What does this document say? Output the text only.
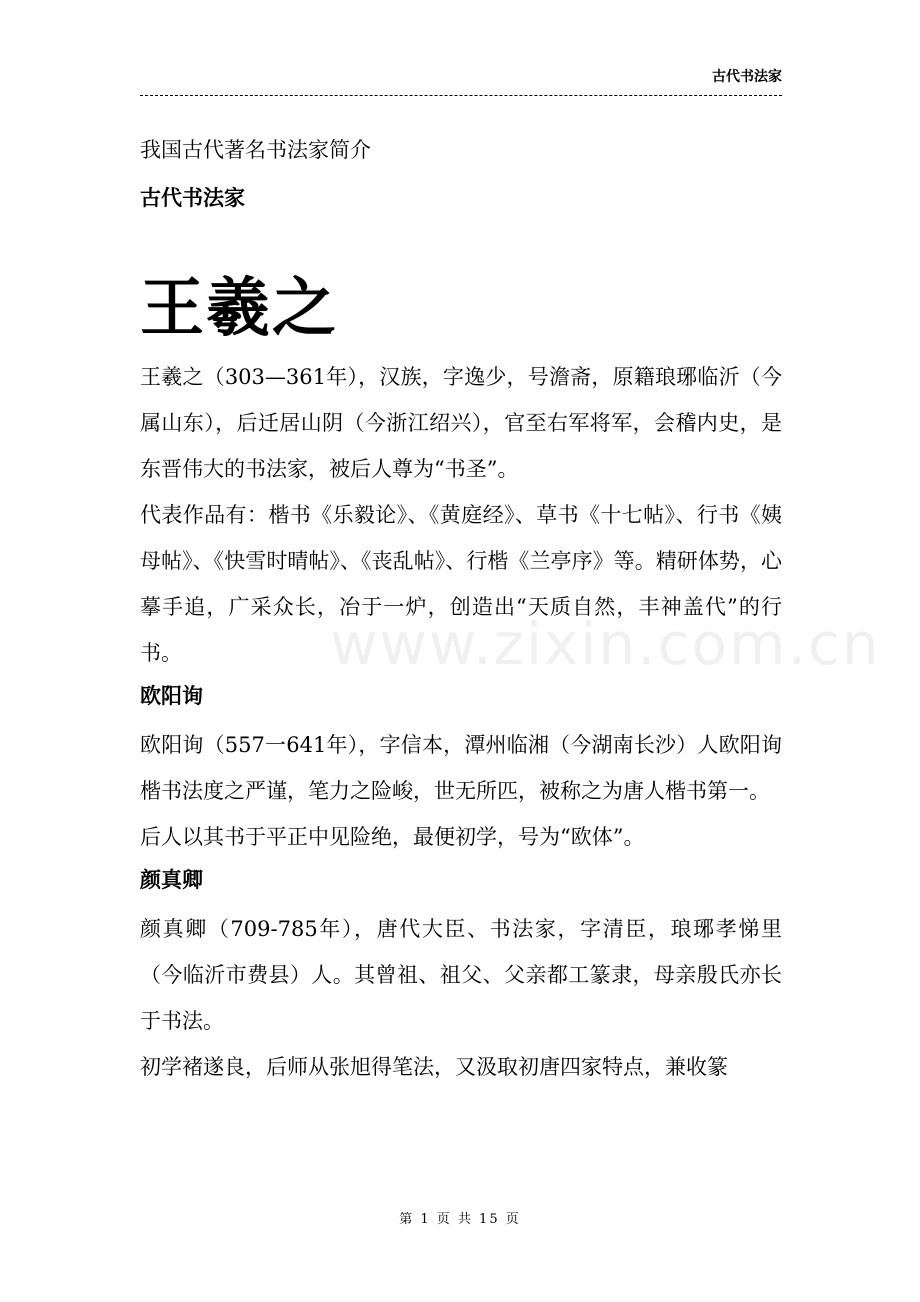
古代书法家
www.zixin.com.cn

我国古代著名书法家简介

古代书法家
王羲之

王羲之（303—361年），汉族，字逸少，号澹斋，原籍琅琊临沂（今属山东），后迁居山阴（今浙江绍兴），官至右军将军，会稽内史，是东晋伟大的书法家，被后人尊为“书圣”。

代表作品有：楷书《乐毅论》、《黄庭经》、草书《十七帖》、行书《姨母帖》、《快雪时晴帖》、《丧乱帖》、行楷《兰亭序》等。精研体势，心摹手追，广采众长，冶于一炉，创造出“天质自然，丰神盖代”的行书。

欧阳询

欧阳询（557一641年），字信本，潭州临湘（今湖南长沙）人欧阳询楷书法度之严谨，笔力之险峻，世无所匹，被称之为唐人楷书第一。

后人以其书于平正中见险绝，最便初学，号为“欧体”。

颜真卿

颜真卿（709-785年），唐代大臣、书法家，字清臣，琅琊孝悌里（今临沂市费县）人。其曾祖、祖父、父亲都工篆隶，母亲殷氏亦长于书法。

初学褚遂良，后师从张旭得笔法，又汲取初唐四家特点，兼收篆

第 1 页 共 15 页
